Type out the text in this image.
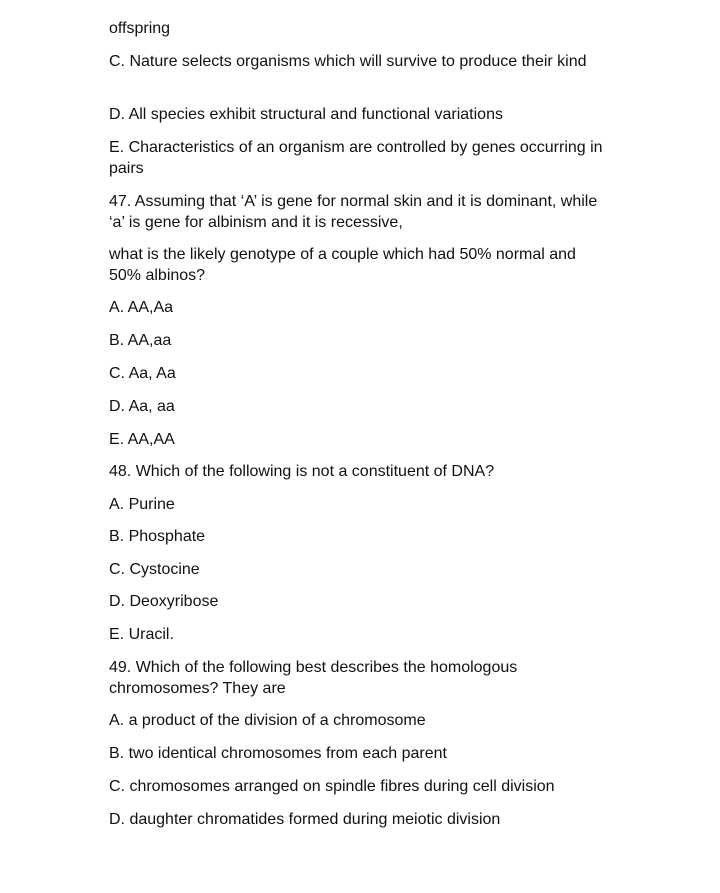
offspring
C. Nature selects organisms which will survive to produce their kind
D. All species exhibit structural and functional variations
E. Characteristics of an organism are controlled by genes occurring in pairs
47. Assuming that ‘A’ is gene for normal skin and it is dominant, while ‘a’ is gene for albinism and it is recessive,
what is the likely genotype of a couple which had 50% normal and 50% albinos?
A. AA,Aa
B. AA,aa
C. Aa, Aa
D. Aa, aa
E. AA,AA
48. Which of the following is not a constituent of DNA?
A. Purine
B. Phosphate
C. Cystocine
D. Deoxyribose
E. Uracil.
49. Which of the following best describes the homologous chromosomes? They are
A. a product of the division of a chromosome
B. two identical chromosomes from each parent
C. chromosomes arranged on spindle fibres during cell division
D. daughter chromatides formed during meiotic division
